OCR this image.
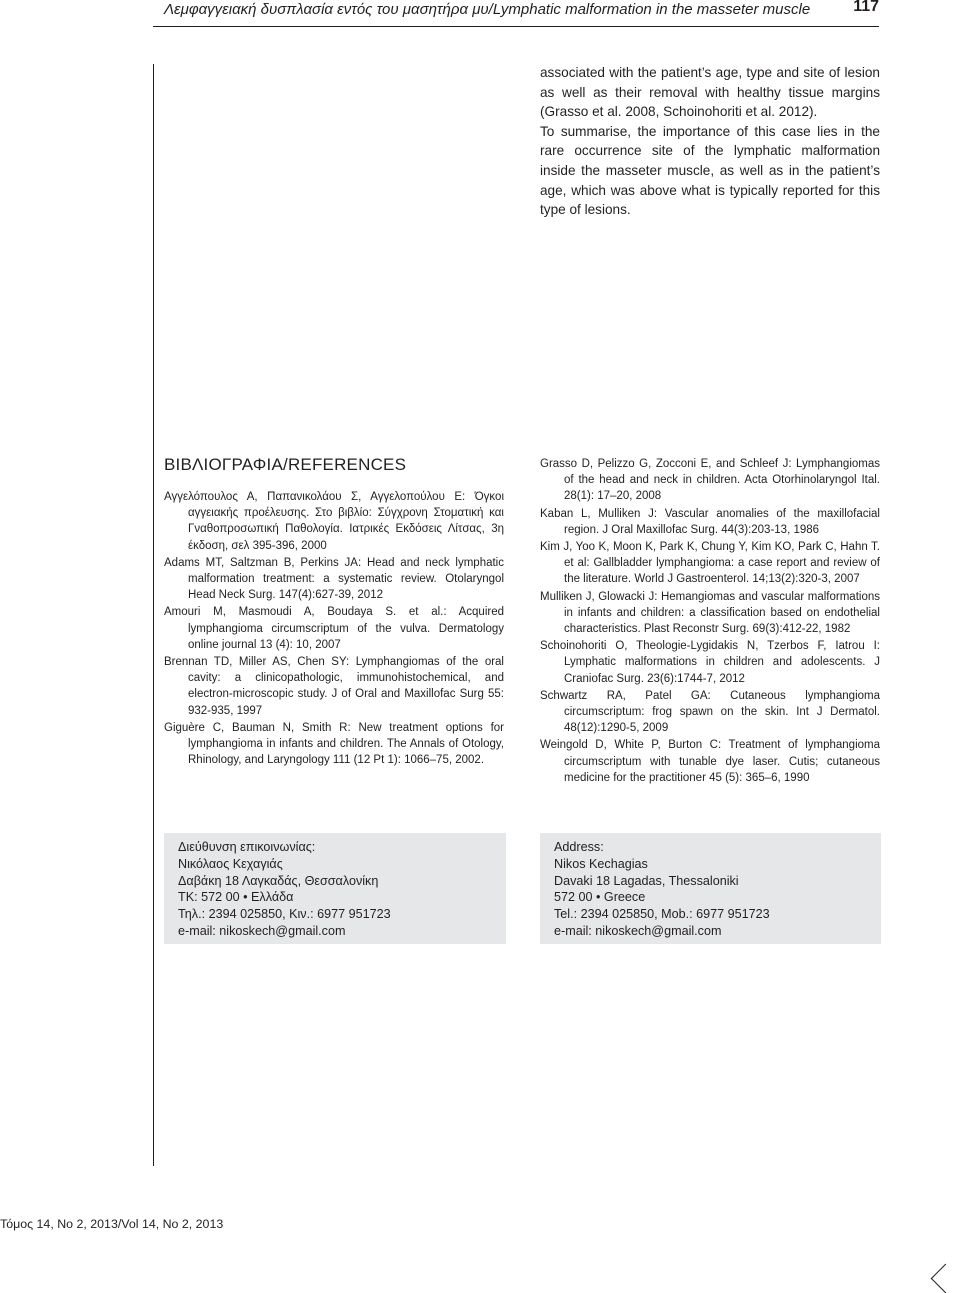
Λεμφαγγειακή δυσπλασία εντός του μασητήρα μυ/Lymphatic malformation in the masseter muscle	117
associated with the patient’s age, type and site of lesion as well as their removal with healthy tissue margins (Grasso et al. 2008, Schoinohoriti et al. 2012).
To summarise, the importance of this case lies in the rare occurrence site of the lymphatic malformation inside the masseter muscle, as well as in the patient’s age, which was above what is typically reported for this type of lesions.
ΒΙΒΛΙΟΓΡΑΦΙΑ/REFERENCES

Αγγελόπουλος Α, Παπανικολάου Σ, Αγγελοπούλου Ε: Όγκοι αγγειακής προέλευσης. Στο βιβλίο: Σύγχρονη Στοματική και Γναθοπροσωπική Παθολογία. Ιατρικές Εκδόσεις Λίτσας, 3η έκδοση, σελ 395-396, 2000

Adams MT, Saltzman B, Perkins JA: Head and neck lymphatic malformation treatment: a systematic review. Otolaryngol Head Neck Surg. 147(4):627-39, 2012

Amouri M, Masmoudi A, Boudaya S. et al.: Acquired lymphangioma circumscriptum of the vulva. Dermatology online journal 13 (4): 10, 2007

Brennan TD, Miller AS, Chen SY: Lymphangiomas of the oral cavity: a clinicopathologic, immunohistochemical, and electron-microscopic study. J of Oral and Maxillofac Surg 55: 932-935, 1997

Giguère C, Bauman N, Smith R: New treatment options for lymphangioma in infants and children. The Annals of Otology, Rhinology, and Laryngology 111 (12 Pt 1): 1066–75, 2002.

Grasso D, Pelizzo G, Zocconi E, and Schleef J: Lymphangiomas of the head and neck in children. Acta Otorhinolaryngol Ital. 28(1): 17–20, 2008

Kaban L, Mulliken J: Vascular anomalies of the maxillofacial region. J Oral Maxillofac Surg. 44(3):203-13, 1986

Kim J, Yoo K, Moon K, Park K, Chung Y, Kim KO, Park C, Hahn T. et al: Gallbladder lymphangioma: a case report and review of the literature. World J Gastroenterol. 14;13(2):320-3, 2007

Mulliken J, Glowacki J: Hemangiomas and vascular malformations in infants and children: a classification based on endothelial characteristics. Plast Reconstr Surg. 69(3):412-22, 1982

Schoinohoriti O, Theologie-Lygidakis N, Tzerbos F, Iatrou I: Lymphatic malformations in children and adolescents. J Craniofac Surg. 23(6):1744-7, 2012

Schwartz RA, Patel GA: Cutaneous lymphangioma circumscriptum: frog spawn on the skin. Int J Dermatol. 48(12):1290-5, 2009

Weingold D, White P, Burton C: Treatment of lymphangioma circumscriptum with tunable dye laser. Cutis; cutaneous medicine for the practitioner 45 (5): 365–6, 1990

Διεύθυνση επικοινωνίας:
Νικόλαος Κεχαγιάς
Δαβάκη 18 Λαγκαδάς, Θεσσαλονίκη
ΤΚ: 572 00 • Ελλάδα
Τηλ.: 2394 025850, Κιν.: 6977 951723
e-mail: nikoskech@gmail.com
Address:
Nikos Kechagias
Davaki 18 Lagadas, Thessaloniki
572 00 • Greece
Tel.: 2394 025850, Mob.: 6977 951723
e-mail: nikoskech@gmail.com
Τόμος 14, Νο 2, 2013/Vol 14, No 2, 2013
